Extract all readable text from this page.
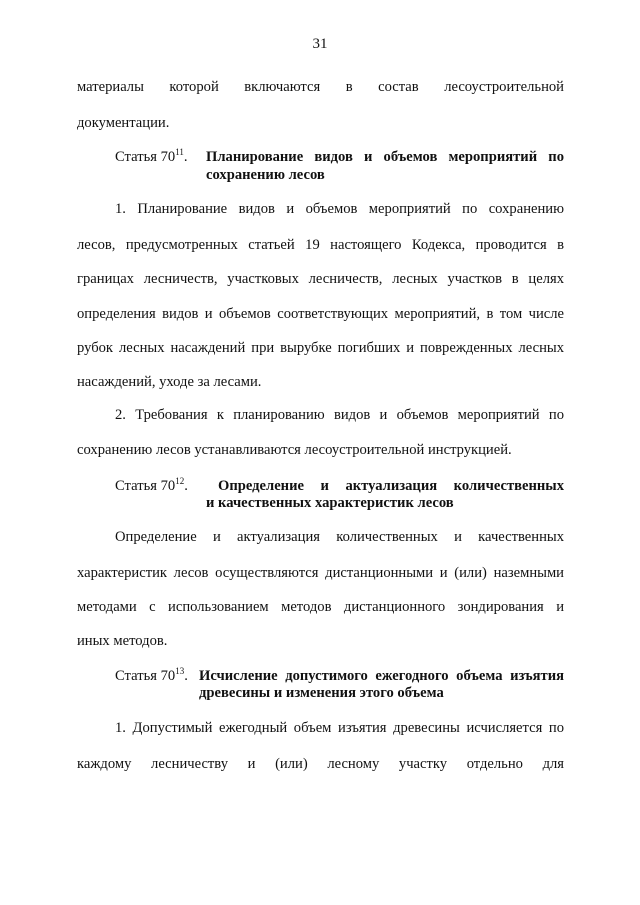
31
материалы которой включаются в состав лесоустроительной
документации.
Статья $70^{11}$. Планирование видов и объемов мероприятий по
сохранению лесов
1. Планирование видов и объемов мероприятий по сохранению
лесов, предусмотренных статьей 19 настоящего Кодекса, проводится в
границах лесничеств, участковых лесничеств, лесных участков в целях
определения видов и объемов соответствующих мероприятий, в том числе
рубок лесных насаждений при вырубке погибших и поврежденных лесных
насаждений, уходе за лесами.
2. Требования к планированию видов и объемов мероприятий по
сохранению лесов устанавливаются лесоустроительной инструкцией.
Статья $70^{12}$. Определение и актуализация количественных
и качественных характеристик лесов
Определение и актуализация количественных и качественных
характеристик лесов осуществляются дистанционными и (или) наземными
методами с использованием методов дистанционного зондирования и
иных методов.
Статья $70^{13}$. Исчисление допустимого ежегодного объема изъятия
древесины и изменения этого объема
1. Допустимый ежегодный объем изъятия древесины исчисляется по
каждому лесничеству и (или) лесному участку отдельно для
